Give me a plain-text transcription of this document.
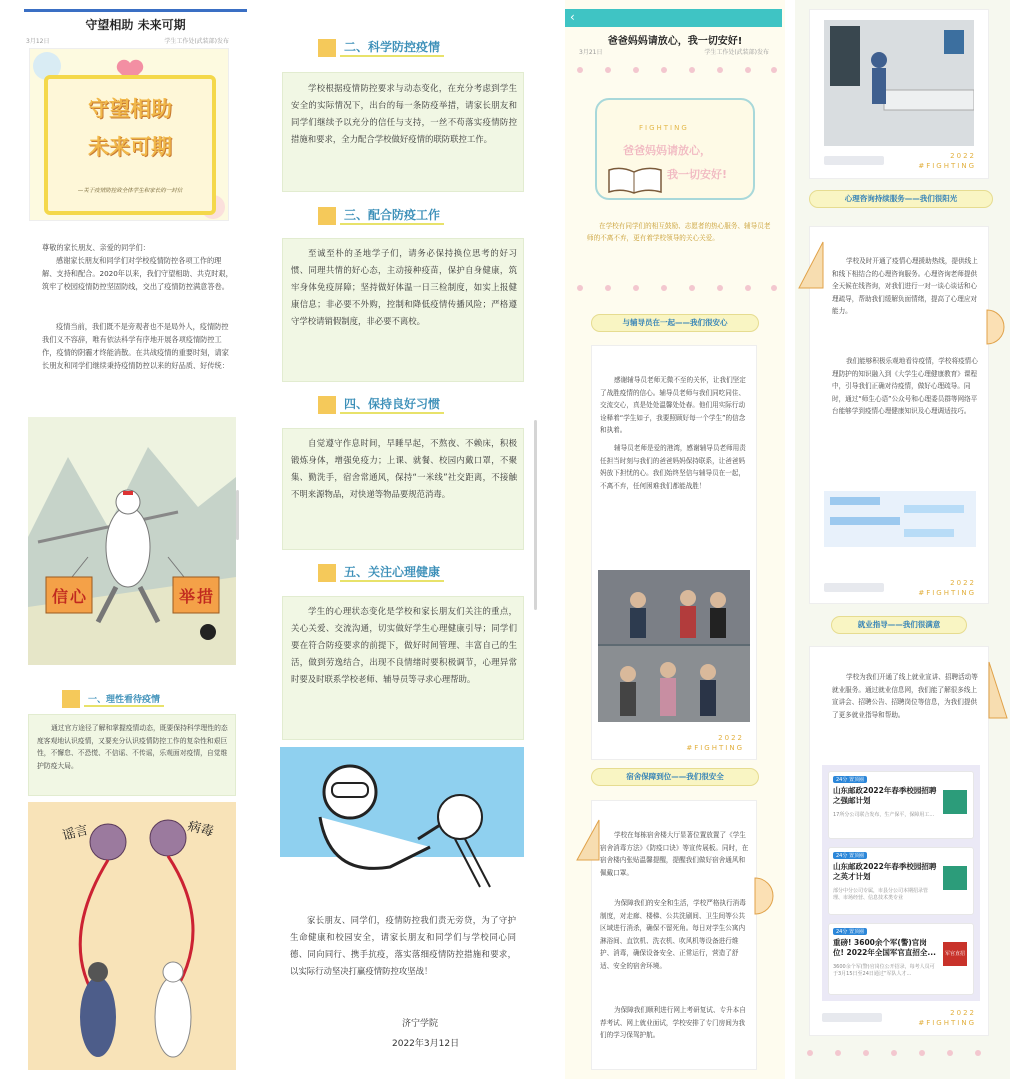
守望相助 未来可期
3月12日	学生工作处(武装部)发布
守望相助
未来可期
—关于疫情防控致全体学生和家长的一封信
尊敬的家长朋友、亲爱的同学们：
感谢家长朋友和同学们对学校疫情防控各项工作的理解、支持和配合。2020年以来，我们守望相助、共克时艰，筑牢了校园疫情防控坚固防线，交出了疫情防控满意答卷。
疫情当前，我们既不是旁观者也不是局外人，疫情防控我们义不容辞，唯有依法科学有序地开展各项疫情防控工作，疫情的阴霾才终能消散。在共战疫情的重要时刻，请家长朋友和同学们继续秉持疫情防控以来的好品质、好传统：
信心	举措
一、理性看待疫情
通过官方途径了解和掌握疫情动态，既要保持科学理性的态度客观地认识疫情，又要充分认识疫情防控工作的复杂性和艰巨性，不懈怠、不恐慌、不信谣、不传谣，乐观面对疫情，自觉维护防疫大局。
谣言	病毒
二、科学防控疫情
学校根据疫情防控要求与动态变化，在充分考虑到学生安全的实际情况下，出台的每一条防疫举措，请家长朋友和同学们继续予以充分的信任与支持，一丝不苟落实疫情防控措施和要求，全力配合学校做好疫情的联防联控工作。
三、配合防疫工作
至诚至朴的圣地学子们，请务必保持换位思考的好习惯、同理共情的好心态，主动接种疫苗，保护自身健康，筑牢身体免疫屏障；坚持做好体温一日三检制度，如实上报健康信息；非必要不外购，控制和降低疫情传播风险；严格遵守学校请销假制度，非必要不离校。
四、保持良好习惯
自觉遵守作息时间，早睡早起，不熬夜、不赖床，积极锻炼身体，增强免疫力；上课、就餐、校园内戴口罩，不聚集、勤洗手，宿舍常通风，保持“一米线”社交距离，不接触不明来源物品，对快递等物品要规范消毒。
五、关注心理健康
学生的心理状态变化是学校和家长朋友们关注的重点，关心关爱、交流沟通，切实做好学生心理健康引导；同学们要在符合防疫要求的前提下，做好时间管理、丰富自己的生活，做到劳逸结合，出现不良情绪时要积极调节，心理异常时要及时联系学校老师、辅导员等寻求心理帮助。
家长朋友、同学们，疫情防控我们责无旁贷，为了守护生命健康和校园安全，请家长朋友和同学们与学校同心同德、同向同行、携手抗疫，落实落细疫情防控措施和要求，以实际行动坚决打赢疫情防控攻坚战！
济宁学院
2022年3月12日
‹
爸爸妈妈请放心，我一切安好!
3月21日	学生工作处(武装部)发布
FIGHTING
爸爸妈妈请放心，
我一切安好!
在学校有同学们的相互鼓励、志愿者的热心服务、辅导员老师的不离不弃，更有着学校领导的关心关爱。
与辅导员在一起——我们很安心
感谢辅导员老师无微不至的关怀，让我们坚定了战胜疫情的信心。辅导员老师与我们同吃同住、交流交心，真是处处温馨处处春。他们用实际行动诠释着“学生如子，我要照顾好每一个学生”的信念和执着。
辅导员老师是爱的港湾，感谢辅导员老师用责任担当时刻与我们的爸爸妈妈保持联系，让爸爸妈妈放下担忧的心。我们始终坚信与辅导员在一起，不离不弃，任何困难我们都能战胜！
2022
#FIGHTING
宿舍保障到位——我们很安全
学校在每栋宿舍楼大厅显著位置放置了《学生宿舍消毒方法》《防疫口诀》等宣传展板。同时，在宿舍楼内张贴温馨提醒，提醒我们做好宿舍通风和佩戴口罩。
为保障我们的安全和生活，学校严格执行消毒制度，对走廊、楼梯、公共洗刷间、卫生间等公共区域进行消杀，确保不留死角。每日对学生公寓内淋浴间、直饮机、洗衣机、吹风机等设备进行维护、消毒，确保设备安全、正常运行，营造了舒适、安全的宿舍环境。
为保障我们顺利进行网上考研复试、专升本自荐考试、网上就业面试，学校安排了专门房间为我们的学习保驾护航。
2022
#FIGHTING
心理咨询持续服务——我们很阳光
学校及时开通了疫情心理援助热线，提供线上和线下相结合的心理咨询服务。心理咨询老师提供全天候在线咨询，对我们进行一对一谈心谈话和心理疏导，帮助我们缓解负面情绪，提高了心理应对能力。
我们能够积极乐观地看待疫情，学校将疫情心理防护的知识融入到《大学生心理健康教育》课程中，引导我们正确对待疫情，做好心理疏导。同时，通过“师生心语”公众号和心理委员群等网络平台能够学到疫情心理健康知识及心理调适技巧。
2022
#FIGHTING
就业指导——我们很满意
学校为我们开通了线上就业宣讲、招聘活动等就业服务。通过就业信息网，我们能了解很多线上宣讲会、招聘公告、招聘岗位等信息，为我们提供了更多就业指导和帮助。
24分 置顶圈
山东邮政2022年春季校园招聘之强邮计划
17所分公司联合发布，生产保平，保障用工...
24分 置顶圈
山东邮政2022年春季校园招聘之英才计划
部分中分公司专属，市县分公司本期招录管理、市场经营、信息技术类专业
24分 置顶圈
重磅! 3600余个军(警)官岗位! 2022年全国军官直招全...
3600余个军(警)官岗位公开招录，每考人员可于3月15日至24日通过“军队人才...
军官直招
2022
#FIGHTING
